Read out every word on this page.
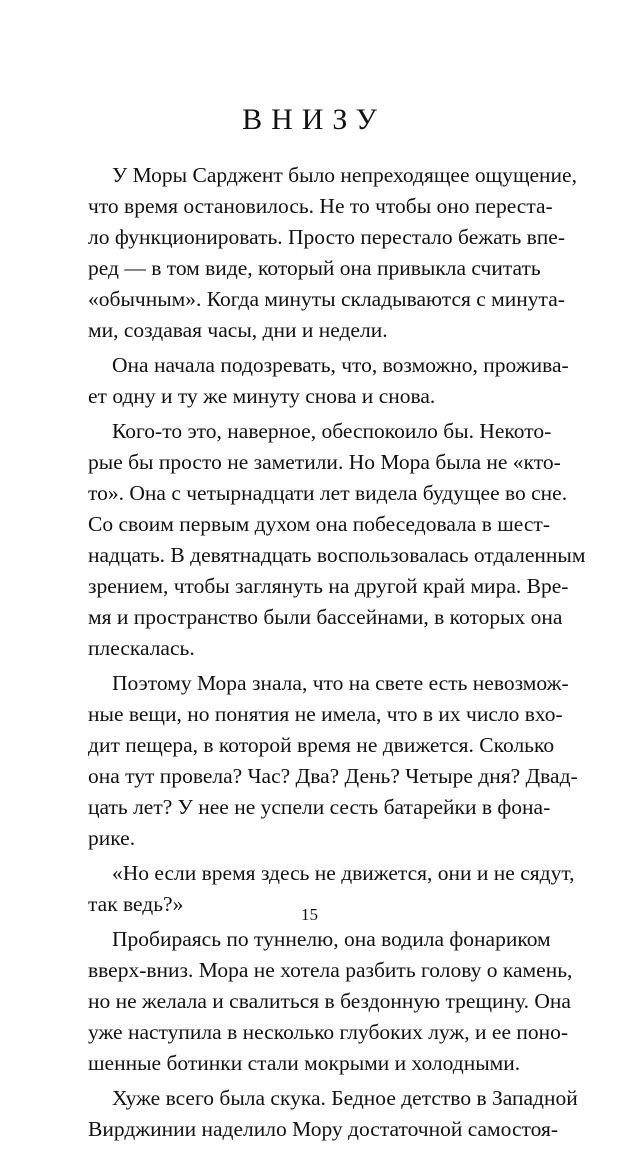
ВНИЗУ
У Моры Сарджент было непреходящее ощущение,
что время остановилось. Не то чтобы оно переста-
ло функционировать. Просто перестало бежать впе-
ред — в том виде, который она привыкла считать
«обычным». Когда минуты складываются с минута-
ми, создавая часы, дни и недели.
Она начала подозревать, что, возможно, прожива-
ет одну и ту же минуту снова и снова.
Кого-то это, наверное, обеспокоило бы. Некото-
рые бы просто не заметили. Но Мора была не «кто-
то». Она с четырнадцати лет видела будущее во сне.
Со своим первым духом она побеседовала в шест-
надцать. В девятнадцать воспользовалась отдаленным
зрением, чтобы заглянуть на другой край мира. Вре-
мя и пространство были бассейнами, в которых она
плескалась.
Поэтому Мора знала, что на свете есть невозмож-
ные вещи, но понятия не имела, что в их число вхо-
дит пещера, в которой время не движется. Сколько
она тут провела? Час? Два? День? Четыре дня? Двад-
цать лет? У нее не успели сесть батарейки в фона-
рике.
«Но если время здесь не движется, они и не сядут,
так ведь?»
Пробираясь по туннелю, она водила фонариком
вверх-вниз. Мора не хотела разбить голову о камень,
но не желала и свалиться в бездонную трещину. Она
уже наступила в несколько глубоких луж, и ее поно-
шенные ботинки стали мокрыми и холодными.
Хуже всего была скука. Бедное детство в Западной
Вирджинии наделило Мору достаточной самостоя-
15
